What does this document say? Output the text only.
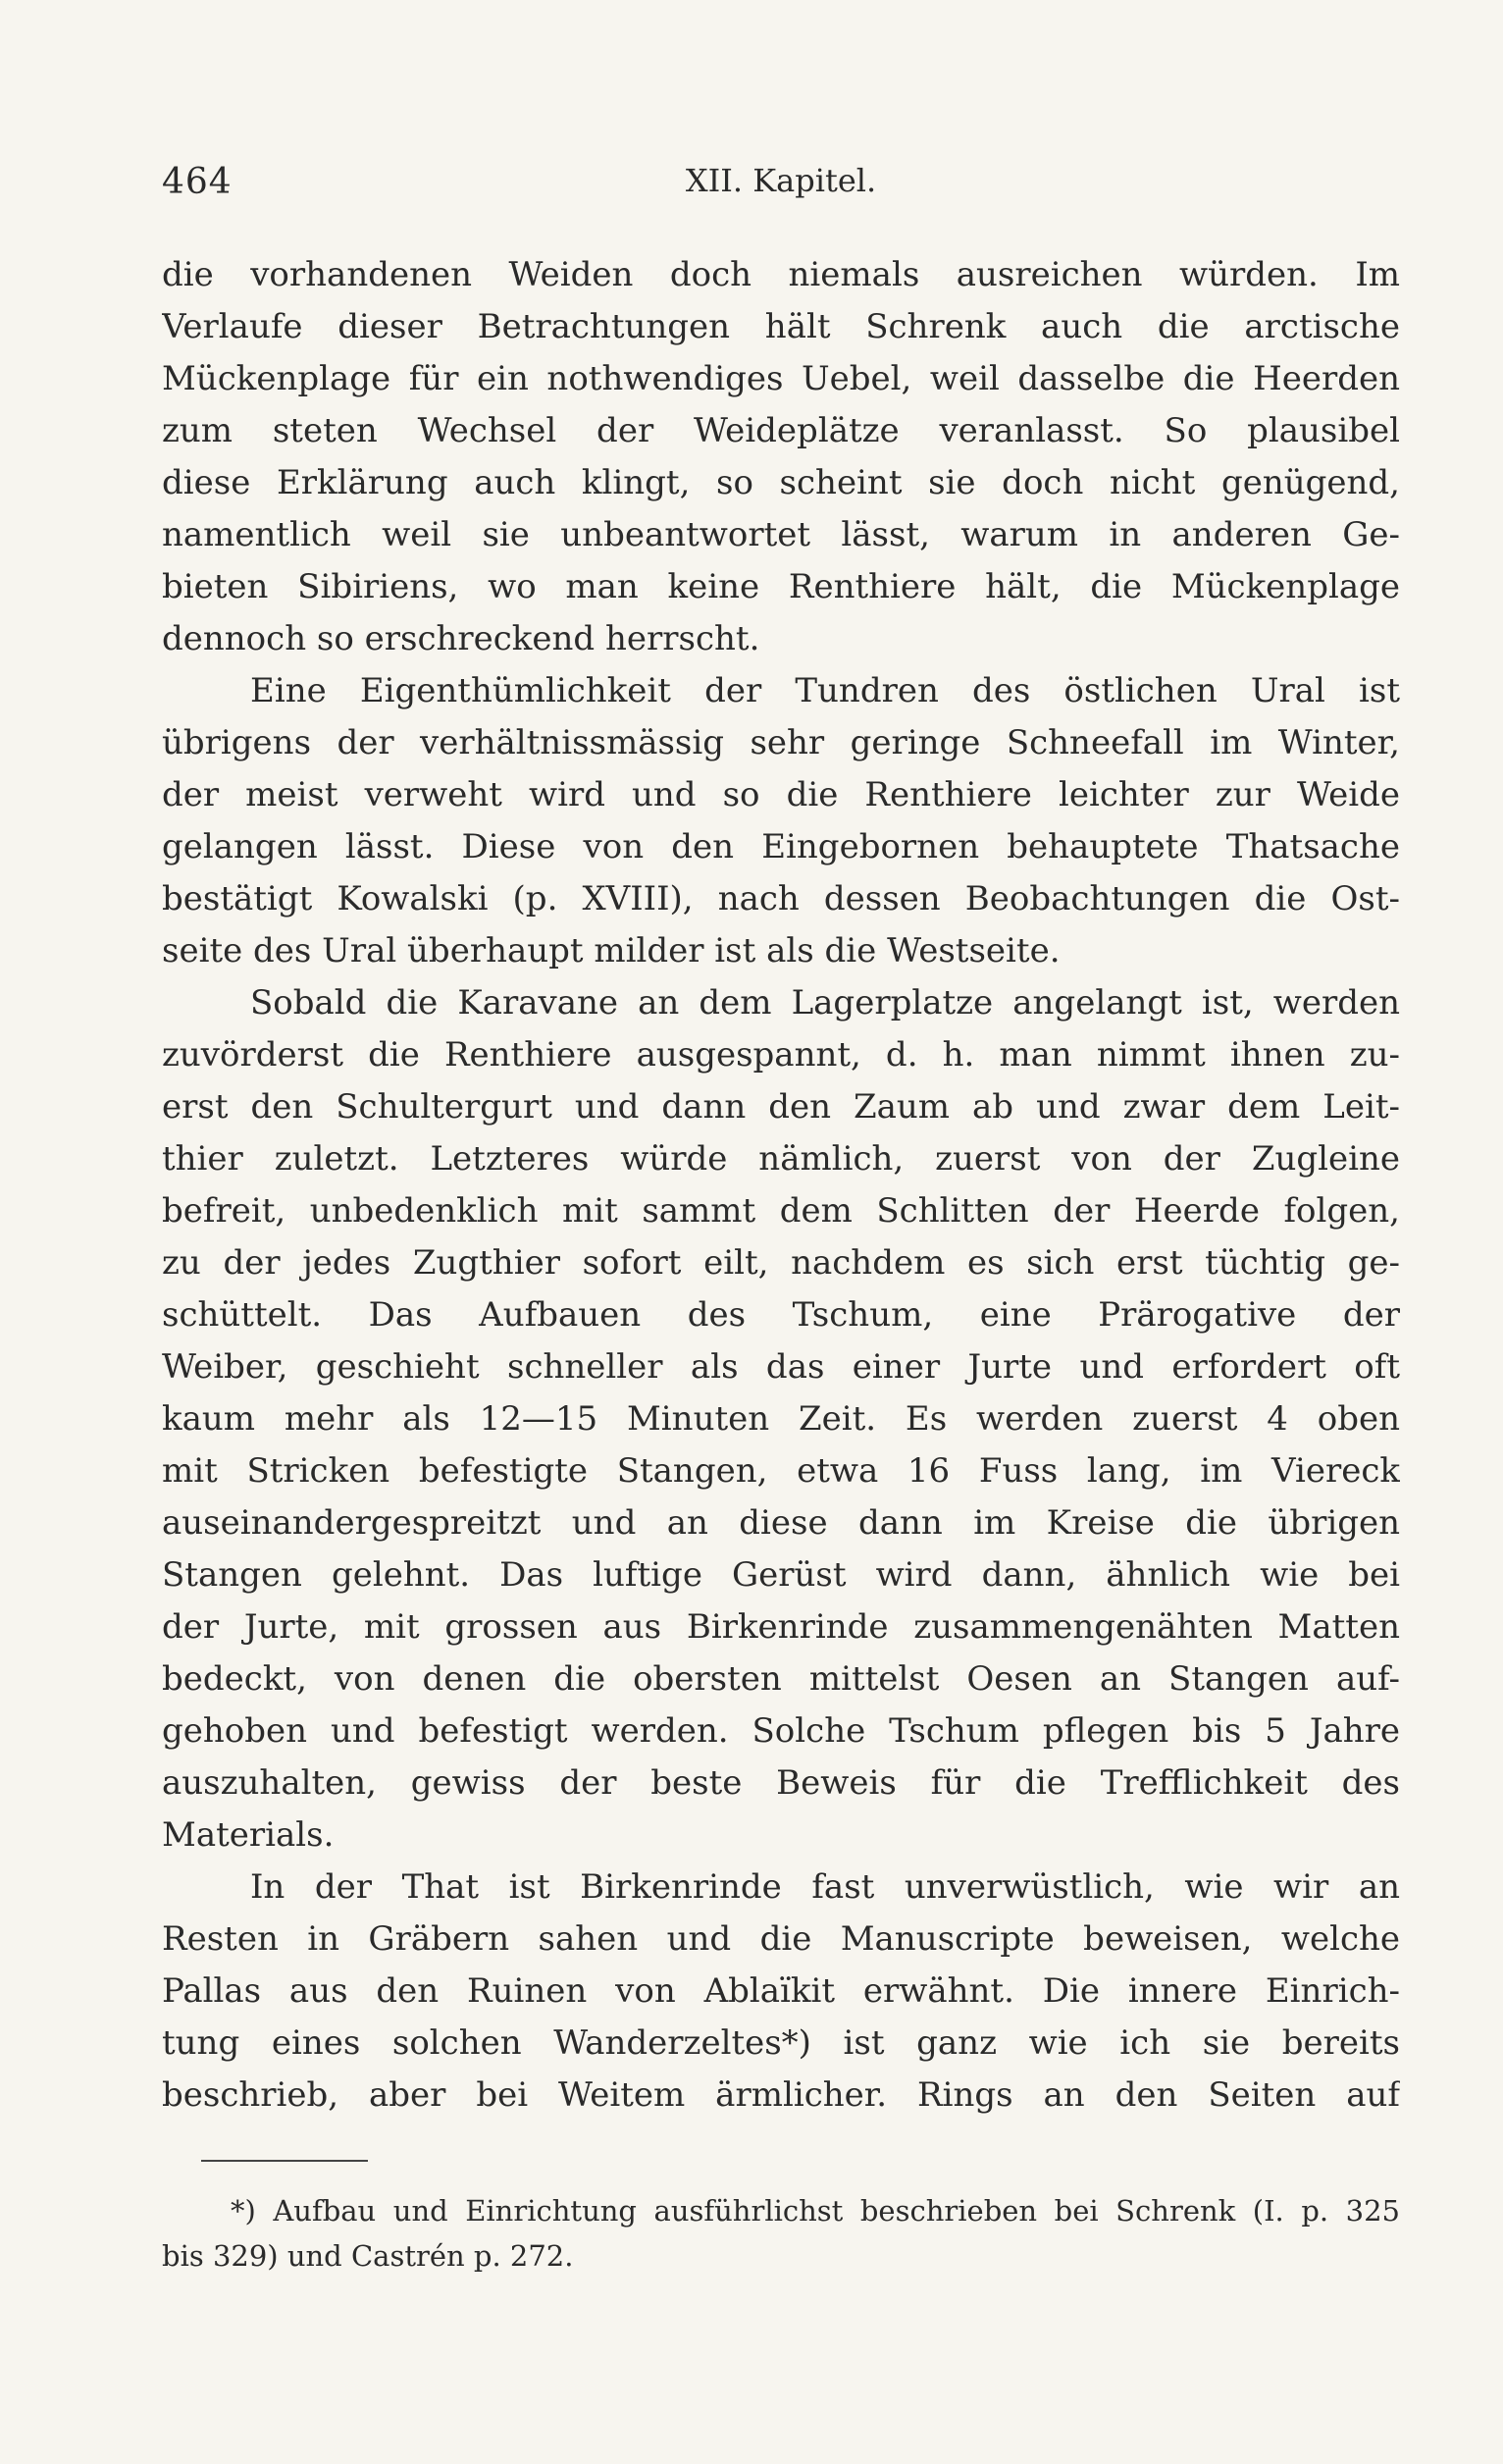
464	XII. Kapitel.
die vorhandenen Weiden doch niemals ausreichen würden. Im
Verlaufe dieser Betrachtungen hält Schrenk auch die arctische
Mückenplage für ein nothwendiges Uebel, weil dasselbe die Heerden
zum steten Wechsel der Weideplätze veranlasst. So plausibel
diese Erklärung auch klingt, so scheint sie doch nicht genügend,
namentlich weil sie unbeantwortet lässt, warum in anderen Ge-
bieten Sibiriens, wo man keine Renthiere hält, die Mückenplage
dennoch so erschreckend herrscht.
Eine Eigenthümlichkeit der Tundren des östlichen Ural ist
übrigens der verhältnissmässig sehr geringe Schneefall im Winter,
der meist verweht wird und so die Renthiere leichter zur Weide
gelangen lässt. Diese von den Eingebornen behauptete Thatsache
bestätigt Kowalski (p. XVIII), nach dessen Beobachtungen die Ost-
seite des Ural überhaupt milder ist als die Westseite.
Sobald die Karavane an dem Lagerplatze angelangt ist, werden
zuvörderst die Renthiere ausgespannt, d. h. man nimmt ihnen zu-
erst den Schultergurt und dann den Zaum ab und zwar dem Leit-
thier zuletzt. Letzteres würde nämlich, zuerst von der Zugleine
befreit, unbedenklich mit sammt dem Schlitten der Heerde folgen,
zu der jedes Zugthier sofort eilt, nachdem es sich erst tüchtig ge-
schüttelt. Das Aufbauen des Tschum, eine Prärogative der
Weiber, geschieht schneller als das einer Jurte und erfordert oft
kaum mehr als 12—15 Minuten Zeit. Es werden zuerst 4 oben
mit Stricken befestigte Stangen, etwa 16 Fuss lang, im Viereck
auseinandergespreitzt und an diese dann im Kreise die übrigen
Stangen gelehnt. Das luftige Gerüst wird dann, ähnlich wie bei
der Jurte, mit grossen aus Birkenrinde zusammengenähten Matten
bedeckt, von denen die obersten mittelst Oesen an Stangen auf-
gehoben und befestigt werden. Solche Tschum pflegen bis 5 Jahre
auszuhalten, gewiss der beste Beweis für die Trefflichkeit des
Materials.
In der That ist Birkenrinde fast unverwüstlich, wie wir an
Resten in Gräbern sahen und die Manuscripte beweisen, welche
Pallas aus den Ruinen von Ablaïkit erwähnt. Die innere Einrich-
tung eines solchen Wanderzeltes*) ist ganz wie ich sie bereits
beschrieb, aber bei Weitem ärmlicher. Rings an den Seiten auf
*) Aufbau und Einrichtung ausführlichst beschrieben bei Schrenk (I. p. 325
bis 329) und Castrén p. 272.
